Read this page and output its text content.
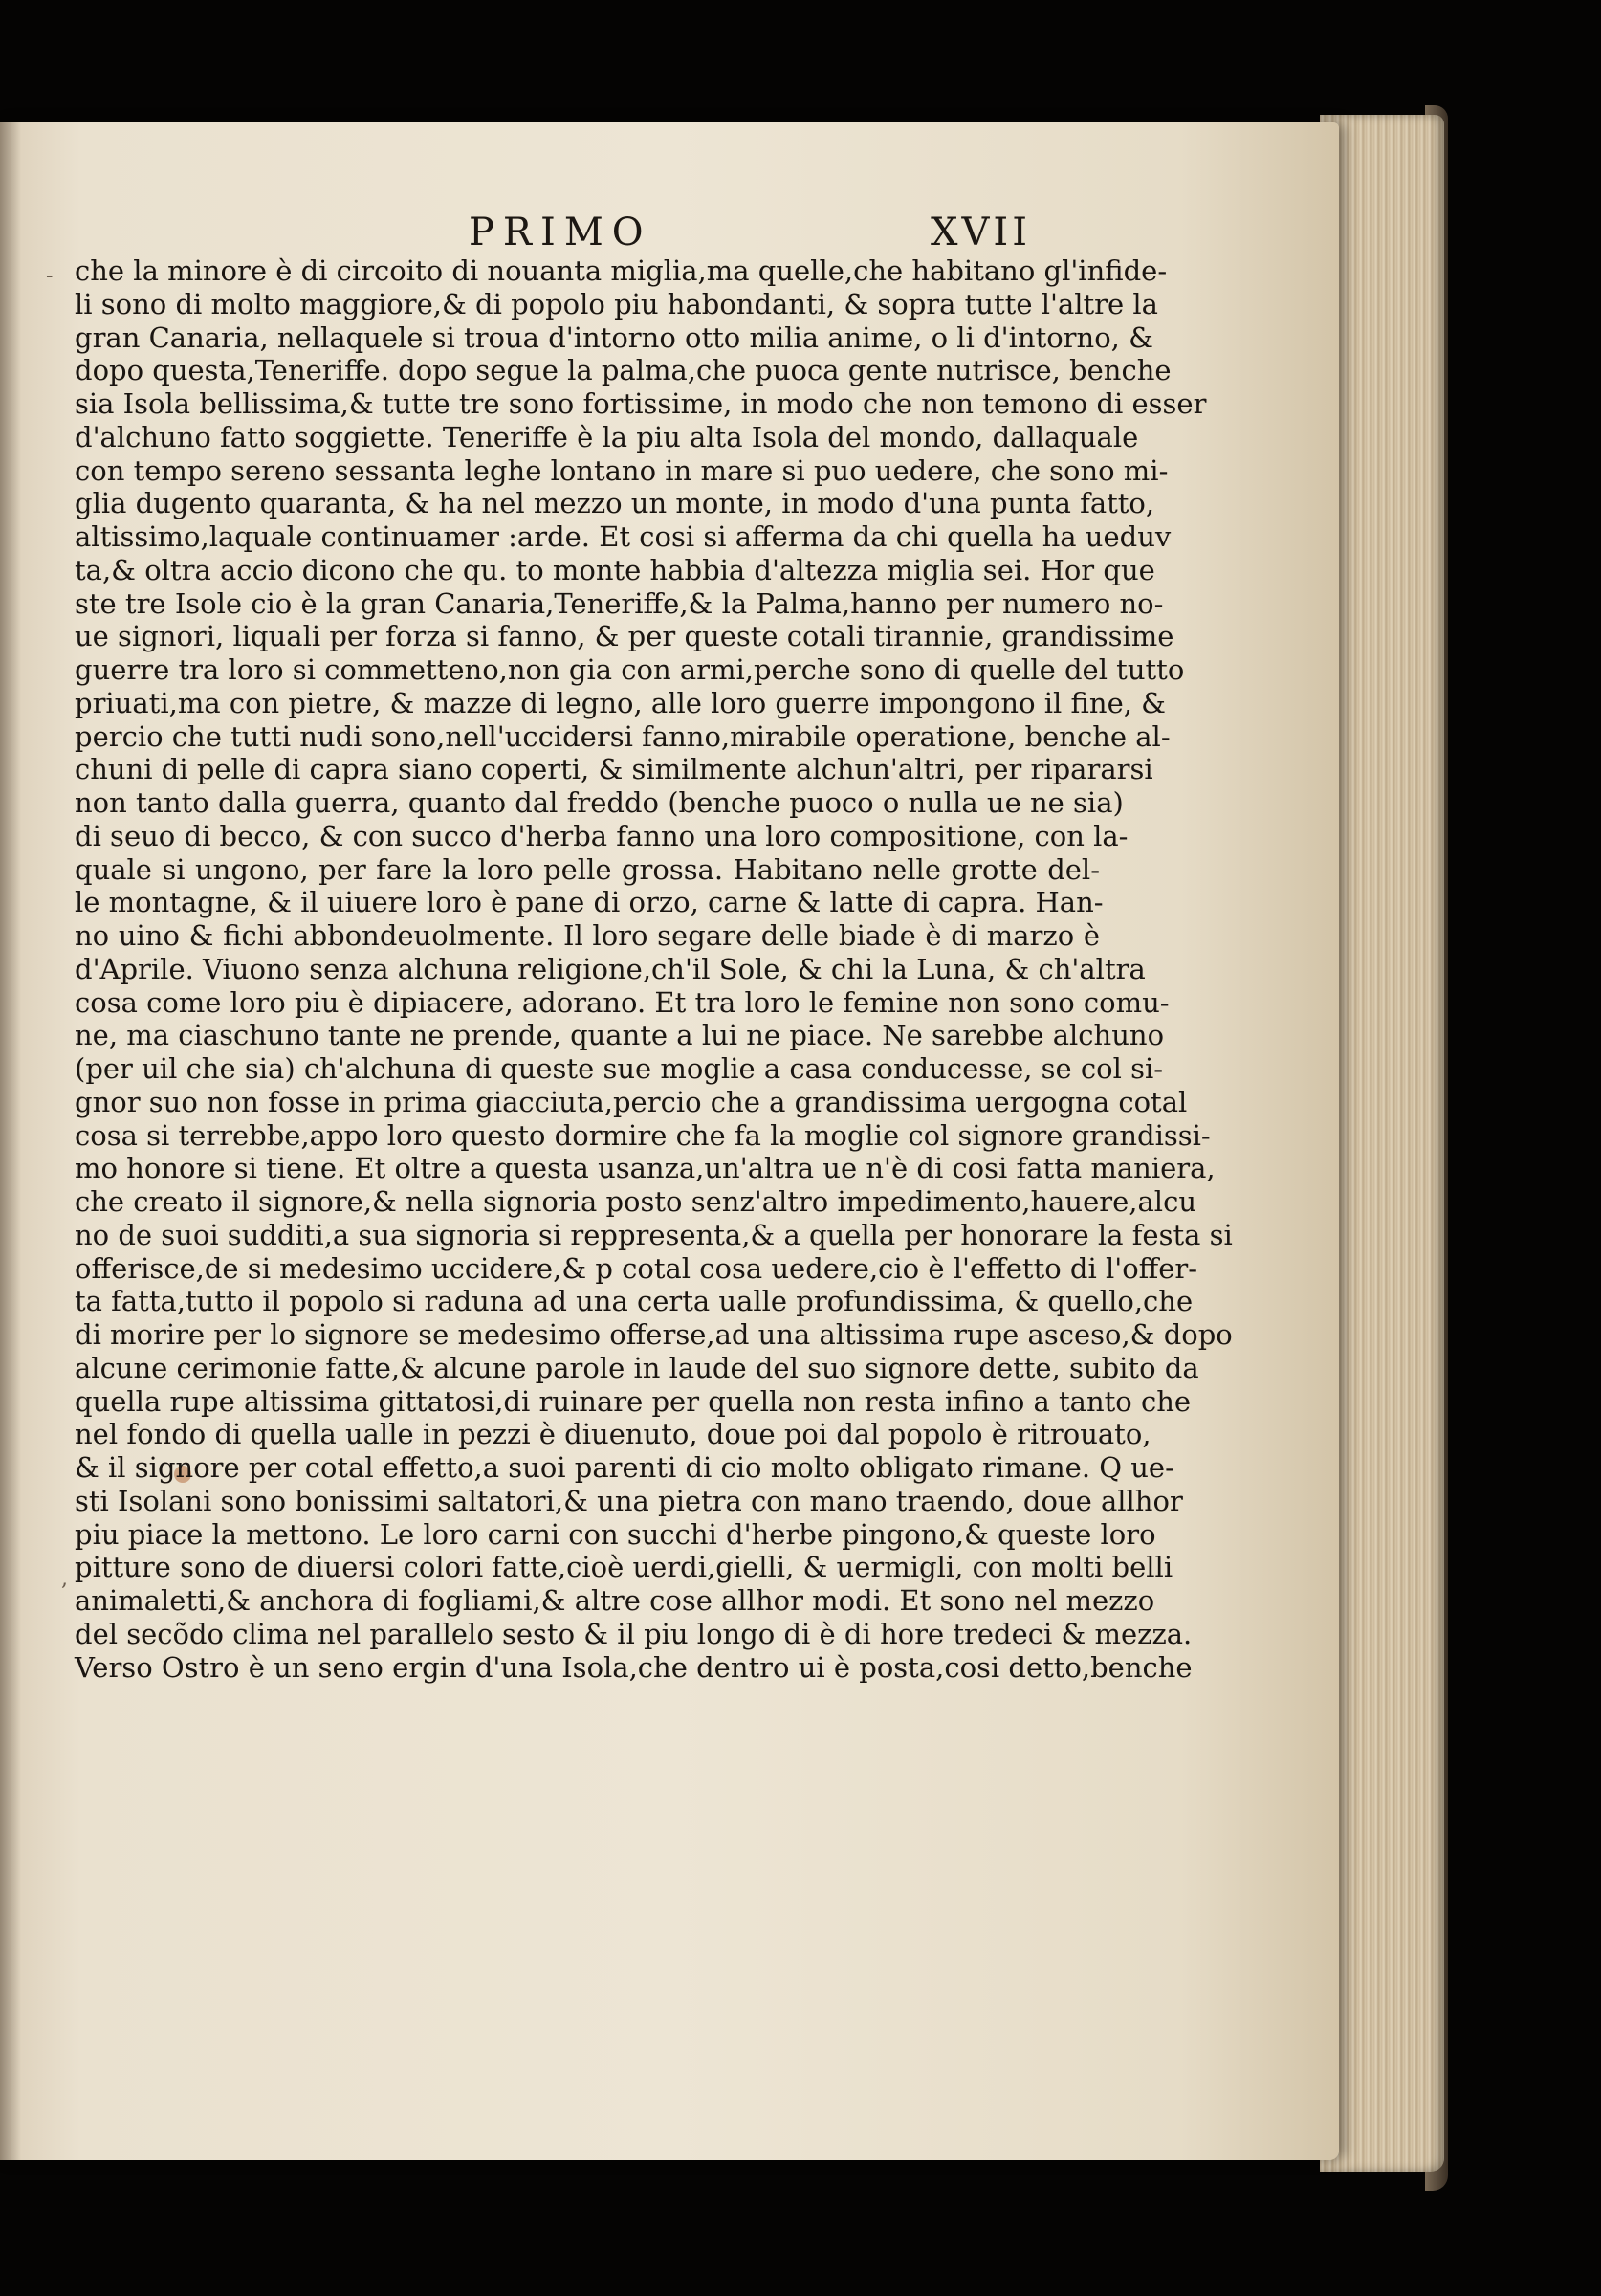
PRIMO	XVII
-
,
che la minore è di circoito di nouanta miglia,ma quelle,che habitano gl'infide-
li sono di molto maggiore,& di popolo piu habondanti, & sopra tutte l'altre la
gran Canaria, nellaquele si troua d'intorno otto milia anime, o li d'intorno, &
dopo questa,Teneriffe. dopo segue la palma,che puoca gente nutrisce, benche
sia Isola bellissima,& tutte tre sono fortissime, in modo che non temono di esser
d'alchuno fatto soggiette. Teneriffe è la piu alta Isola del mondo, dallaquale
con tempo sereno sessanta leghe lontano in mare si puo uedere, che sono mi-
glia dugento quaranta, & ha nel mezzo un monte, in modo d'una punta fatto,
altissimo,laquale continuamer :arde. Et cosi si afferma da chi quella ha ueduv
ta,& oltra accio dicono che qu. to monte habbia d'altezza miglia sei. Hor que
ste tre Isole cio è la gran Canaria,Teneriffe,& la Palma,hanno per numero no-
ue signori, liquali per forza si fanno, & per queste cotali tirannie, grandissime
guerre tra loro si commetteno,non gia con armi,perche sono di quelle del tutto
priuati,ma con pietre, & mazze di legno, alle loro guerre impongono il fine, &
percio che tutti nudi sono,nell'uccidersi fanno,mirabile operatione, benche al-
chuni di pelle di capra siano coperti, & similmente alchun'altri, per ripararsi
non tanto dalla guerra, quanto dal freddo (benche puoco o nulla ue ne sia)
di seuo di becco, & con succo d'herba fanno una loro compositione, con la-
quale si ungono, per fare la loro pelle grossa. Habitano nelle grotte del-
le montagne, & il uiuere loro è pane di orzo, carne & latte di capra. Han-
no uino & fichi abbondeuolmente. Il loro segare delle biade è di marzo è
d'Aprile. Viuono senza alchuna religione,ch'il Sole, & chi la Luna, & ch'altra
cosa come loro piu è dipiacere, adorano. Et tra loro le femine non sono comu-
ne, ma ciaschuno tante ne prende, quante a lui ne piace. Ne sarebbe alchuno
(per uil che sia) ch'alchuna di queste sue moglie a casa conducesse, se col si-
gnor suo non fosse in prima giacciuta,percio che a grandissima uergogna cotal
cosa si terrebbe,appo loro questo dormire che fa la moglie col signore grandissi-
mo honore si tiene. Et oltre a questa usanza,un'altra ue n'è di cosi fatta maniera,
che creato il signore,& nella signoria posto senz'altro impedimento,hauere,alcu
no de suoi sudditi,a sua signoria si reppresenta,& a quella per honorare la festa si
offerisce,de si medesimo uccidere,& p cotal cosa uedere,cio è l'effetto di l'offer-
ta fatta,tutto il popolo si raduna ad una certa ualle profundissima, & quello,che
di morire per lo signore se medesimo offerse,ad una altissima rupe asceso,& dopo
alcune cerimonie fatte,& alcune parole in laude del suo signore dette, subito da
quella rupe altissima gittatosi,di ruinare per quella non resta infino a tanto che
nel fondo di quella ualle in pezzi è diuenuto, doue poi dal popolo è ritrouato,
& il signore per cotal effetto,a suoi parenti di cio molto obligato rimane. Q ue-
sti Isolani sono bonissimi saltatori,& una pietra con mano traendo, doue allhor
piu piace la mettono. Le loro carni con succhi d'herbe pingono,& queste loro
pitture sono de diuersi colori fatte,cioè uerdi,gielli, & uermigli, con molti belli
animaletti,& anchora di fogliami,& altre cose allhor modi. Et sono nel mezzo
del secõdo clima nel parallelo sesto & il piu longo di è di hore tredeci & mezza.
Verso Ostro è un seno ergin d'una Isola,che dentro ui è posta,cosi detto,benche
